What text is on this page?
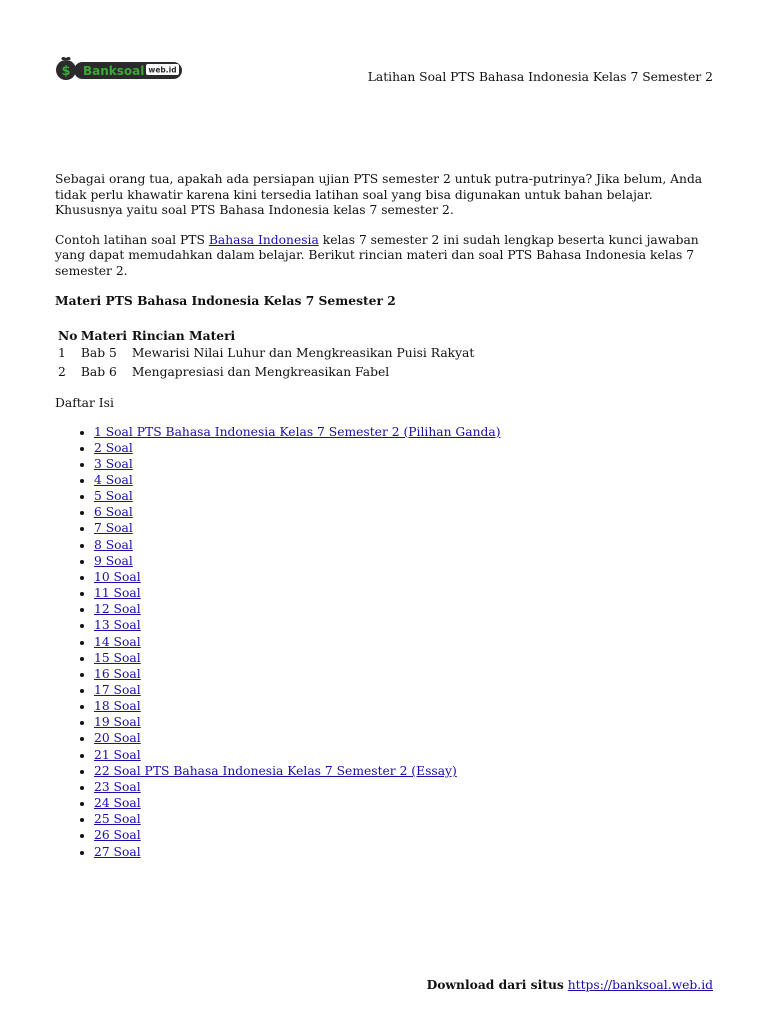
$ Banksoal web.id	Latihan Soal PTS Bahasa Indonesia Kelas 7 Semester 2

Sebagai orang tua, apakah ada persiapan ujian PTS semester 2 untuk putra-putrinya? Jika belum, Anda tidak perlu khawatir karena kini tersedia latihan soal yang bisa digunakan untuk bahan belajar. Khususnya yaitu soal PTS Bahasa Indonesia kelas 7 semester 2.

Contoh latihan soal PTS Bahasa Indonesia kelas 7 semester 2 ini sudah lengkap beserta kunci jawaban yang dapat memudahkan dalam belajar. Berikut rincian materi dan soal PTS Bahasa Indonesia kelas 7 semester 2.

Materi PTS Bahasa Indonesia Kelas 7 Semester 2
No	Materi	Rincian Materi
1	Bab 5	Mewarisi Nilai Luhur dan Mengkreasikan Puisi Rakyat
2	Bab 6	Mengapresiasi dan Mengkreasikan Fabel
Daftar Isi
• 1 Soal PTS Bahasa Indonesia Kelas 7 Semester 2 (Pilihan Ganda)
• 2 Soal
• 3 Soal
• 4 Soal
• 5 Soal
• 6 Soal
• 7 Soal
• 8 Soal
• 9 Soal
• 10 Soal
• 11 Soal
• 12 Soal
• 13 Soal
• 14 Soal
• 15 Soal
• 16 Soal
• 17 Soal
• 18 Soal
• 19 Soal
• 20 Soal
• 21 Soal
• 22 Soal PTS Bahasa Indonesia Kelas 7 Semester 2 (Essay)
• 23 Soal
• 24 Soal
• 25 Soal
• 26 Soal
• 27 Soal
Download dari situs https://banksoal.web.id
